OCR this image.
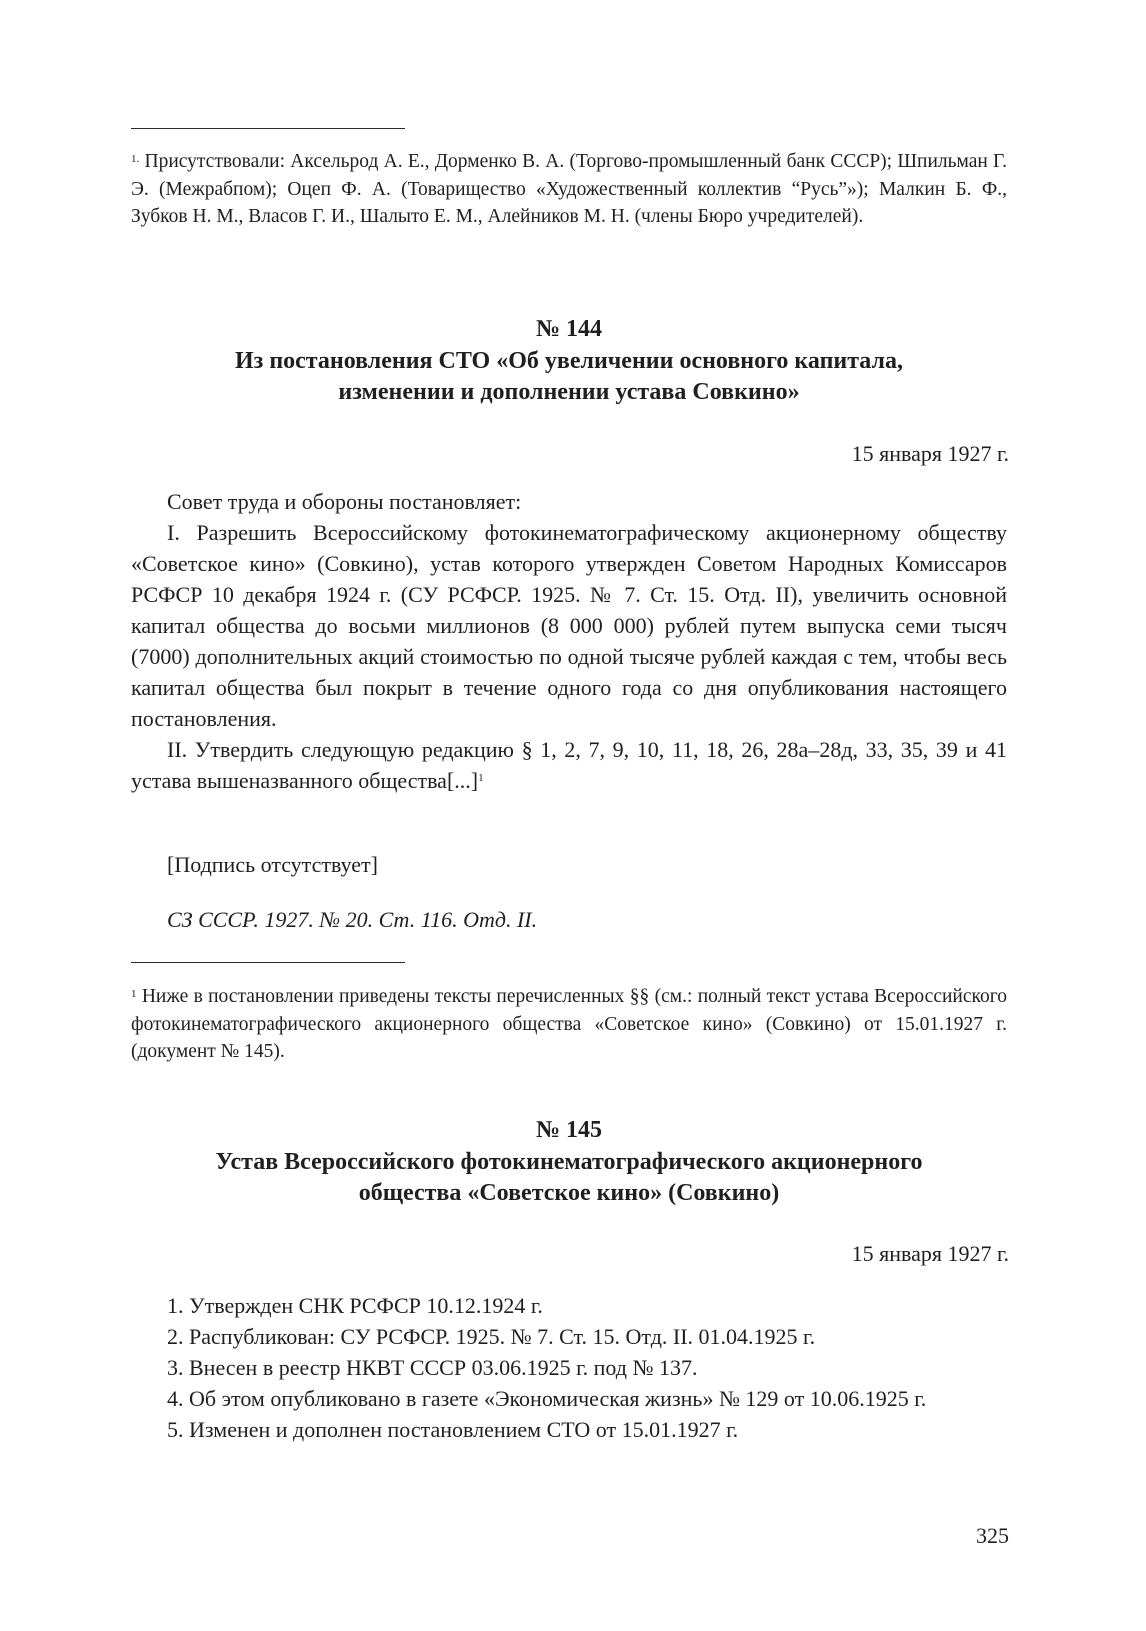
$^{1.}$ Присутствовали: Аксельрод А. Е., Дорменко В. А. (Торгово-промышленный банк СССР); Шпильман Г. Э. (Межрабпом); Оцеп Ф. А. (Товарищество «Художественный коллектив “Русь”»); Малкин Б. Ф., Зубков Н. М., Власов Г. И., Шалыто Е. М., Алейников М. Н. (члены Бюро учредителей).
№ 144
Из постановления СТО «Об увеличении основного капитала,
изменении и дополнении устава Совкино»
15 января 1927 г.

Совет труда и обороны постановляет:

I. Разрешить Всероссийскому фотокинематографическому акционерному обществу «Советское кино» (Совкино), устав которого утвержден Советом Народных Комиссаров РСФСР 10 декабря 1924 г. (СУ РСФСР. 1925. № 7. Ст. 15. Отд. II), увеличить основной капитал общества до восьми миллионов (8 000 000) рублей путем выпуска семи тысяч (7000) дополнительных акций стоимостью по одной тысяче рублей каждая с тем, чтобы весь капитал общества был покрыт в течение одного года со дня опубликования настоящего постановления.

II. Утвердить следующую редакцию § 1, 2, 7, 9, 10, 11, 18, 26, 28а–28д, 33, 35, 39 и 41 устава вышеназванного общества[...]$^1$

[Подпись отсутствует]
СЗ СССР. 1927. № 20. Ст. 116. Отд. II.
$^1$ Ниже в постановлении приведены тексты перечисленных §§ (см.: полный текст устава Всероссийского фотокинематографического акционерного общества «Советское кино» (Совкино) от 15.01.1927 г. (документ № 145).
№ 145
Устав Всероссийского фотокинематографического акционерного
общества «Советское кино» (Совкино)
15 января 1927 г.

1. Утвержден СНК РСФСР 10.12.1924 г.

2. Распубликован: СУ РСФСР. 1925. № 7. Ст. 15. Отд. II. 01.04.1925 г.

3. Внесен в реестр НКВТ СССР 03.06.1925 г. под № 137.

4. Об этом опубликовано в газете «Экономическая жизнь» № 129 от 10.06.1925 г.

5. Изменен и дополнен постановлением СТО от 15.01.1927 г.

325
